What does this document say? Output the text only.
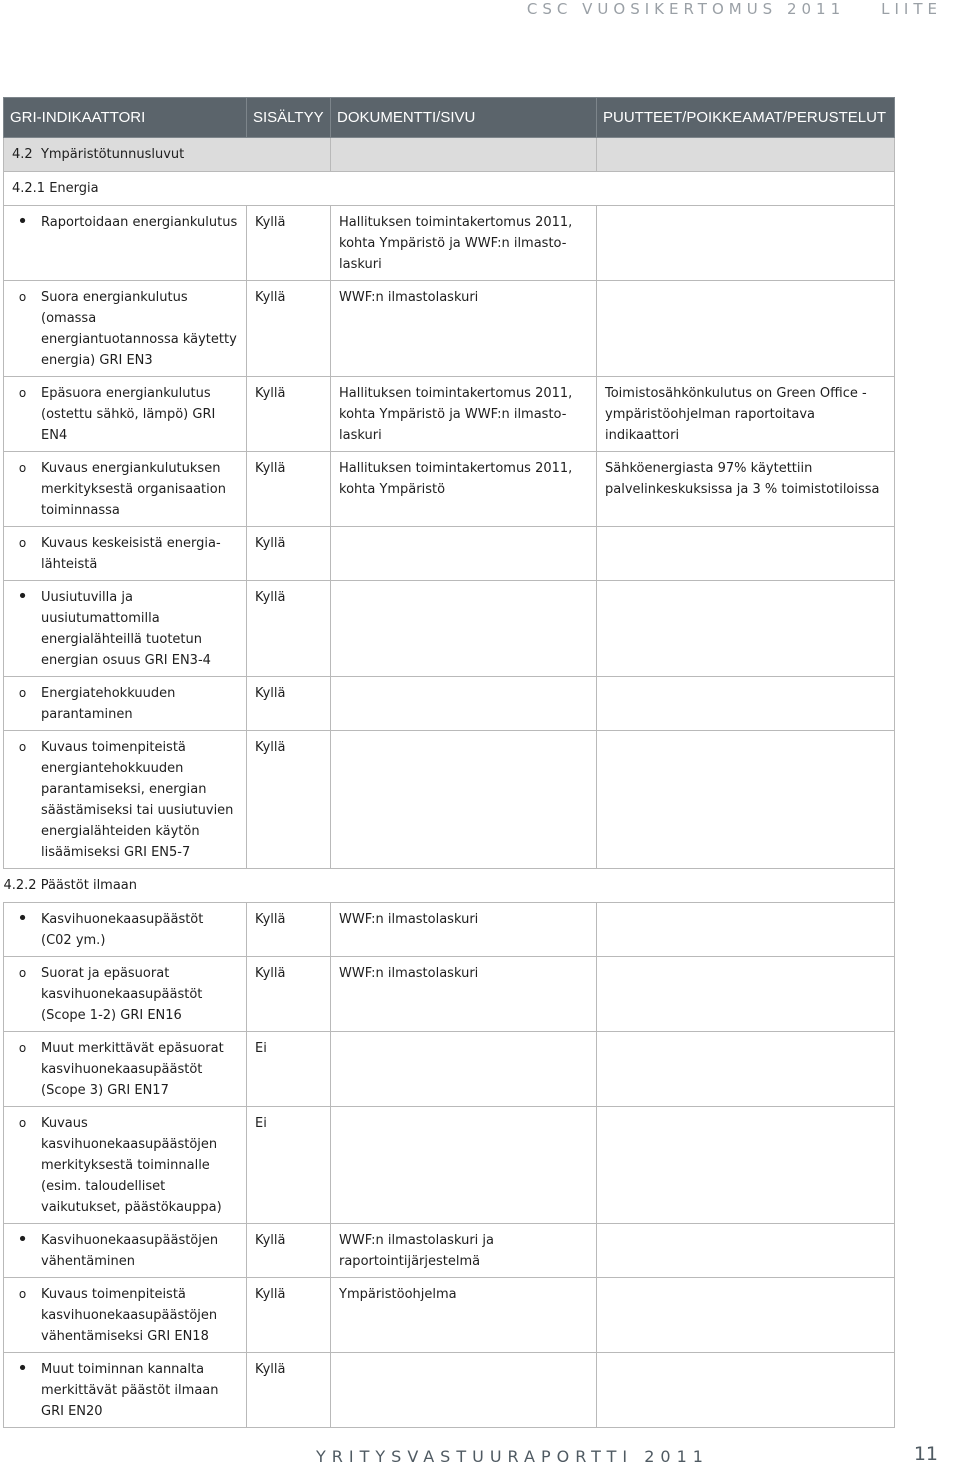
CSC VUOSIKERTOMUS 2011 LIITE
GRI-INDIKAATTORI	SISÄLTYY	DOKUMENTTI/SIVU	PUUTTEET/POIKKEAMAT/PERUSTELUT
4.2  Ympäristötunnusluvut			
4.2.1 Energia			

•
Raportoidaan energiankulutus	Kyllä	Hallituksen toimintakertomus 2011, kohta Ympäristö ja WWF:n ilmasto-laskuri	

o
Suora energiankulutus (omassa energiantuotannossa käytetty energia) GRI EN3	Kyllä	WWF:n ilmastolaskuri	

o
Epäsuora energiankulutus (ostettu sähkö, lämpö) GRI EN4	Kyllä	Hallituksen toimintakertomus 2011, kohta Ympäristö ja WWF:n ilmasto-laskuri	Toimistosähkönkulutus on Green Office -ympäristöohjelman raportoitava indikaattori

o
Kuvaus energiankulutuksen merkityksestä organisaation toiminnassa	Kyllä	Hallituksen toimintakertomus 2011, kohta Ympäristö	Sähköenergiasta 97% käytettiin palvelinkeskuksissa ja 3 % toimistotiloissa

o
Kuvaus keskeisistä energia-lähteistä	Kyllä		

•
Uusiutuvilla ja uusiutumattomilla energialähteillä tuotetun energian osuus GRI EN3-4	Kyllä		

o
Energiatehokkuuden parantaminen	Kyllä		

o
Kuvaus toimenpiteistä energiantehokkuuden parantamiseksi, energian säästämiseksi tai uusiutuvien energialähteiden käytön lisäämiseksi GRI EN5-7	Kyllä		
4.2.2 Päästöt ilmaan			

•
Kasvihuonekaasupäästöt (C02 ym.)	Kyllä	WWF:n ilmastolaskuri	

o
Suorat ja epäsuorat kasvihuonekaasupäästöt (Scope 1-2) GRI EN16	Kyllä	WWF:n ilmastolaskuri	

o
Muut merkittävät epäsuorat kasvihuonekaasupäästöt (Scope 3) GRI EN17	Ei		

o
Kuvaus kasvihuonekaasupäästöjen merkityksestä toiminnalle (esim. taloudelliset vaikutukset, päästökauppa)	Ei		

•
Kasvihuonekaasupäästöjen vähentäminen	Kyllä	WWF:n ilmastolaskuri ja raportointijärjestelmä	

o
Kuvaus toimenpiteistä kasvihuonekaasupäästöjen vähentämiseksi GRI EN18	Kyllä	Ympäristöohjelma	

•
Muut toiminnan kannalta merkittävät päästöt ilmaan GRI EN20	Kyllä		
YRITYSVASTUURAPORTTI 2011	11
